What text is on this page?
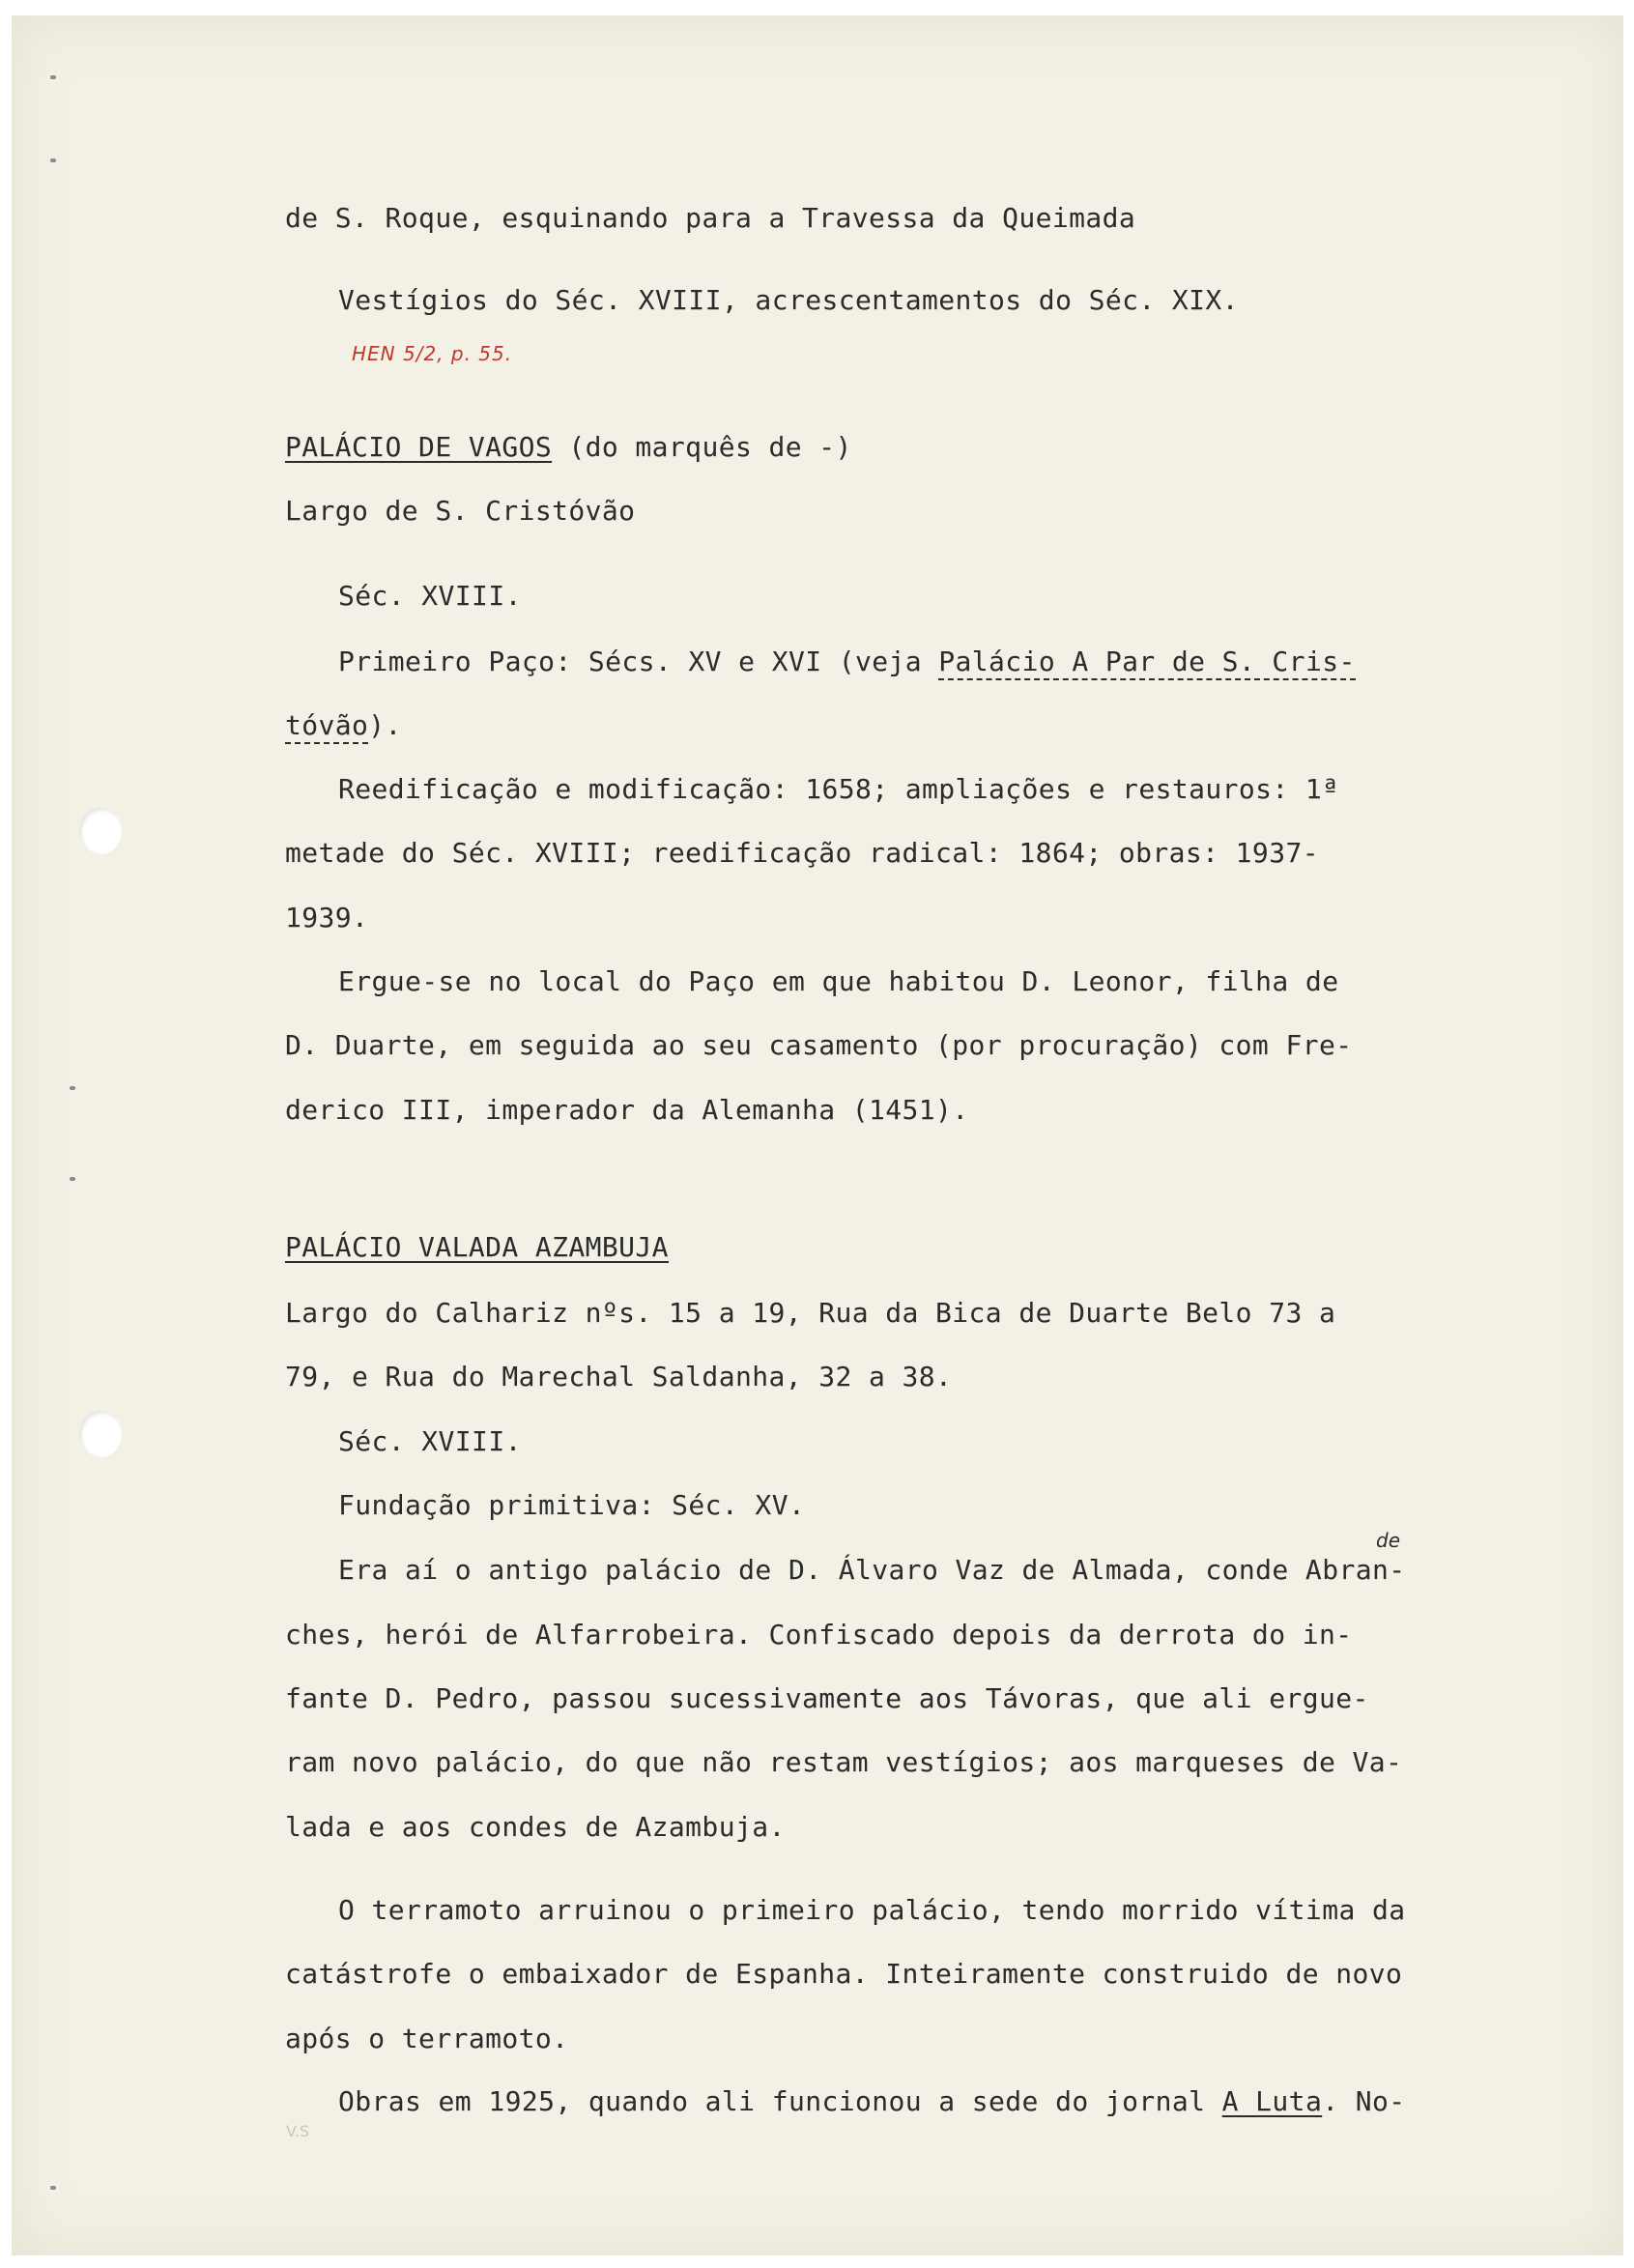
de S. Roque, esquinando para a Travessa da Queimada
Vestígios do Séc. XVIII, acrescentamentos do Séc. XIX.
HEN 5/2, p. 55.
PALÁCIO DE VAGOS (do marquês de -)
Largo de S. Cristóvão
Séc. XVIII.
Primeiro Paço: Sécs. XV e XVI (veja Palácio A Par de S. Cris-
tóvão).
Reedificação e modificação: 1658; ampliações e restauros: 1ª
metade do Séc. XVIII; reedificação radical: 1864; obras: 1937-
1939.
Ergue-se no local do Paço em que habitou D. Leonor, filha de
D. Duarte, em seguida ao seu casamento (por procuração) com Fre-
derico III, imperador da Alemanha (1451).
PALÁCIO VALADA AZAMBUJA
Largo do Calhariz nºs. 15 a 19, Rua da Bica de Duarte Belo 73 a
79, e Rua do Marechal Saldanha, 32 a 38.
Séc. XVIII.
Fundação primitiva: Séc. XV.
de
Era aí o antigo palácio de D. Álvaro Vaz de Almada, conde Abran-
ches, herói de Alfarrobeira. Confiscado depois da derrota do in-
fante D. Pedro, passou sucessivamente aos Távoras, que ali ergue-
ram novo palácio, do que não restam vestígios; aos marqueses de Va-
lada e aos condes de Azambuja.
O terramoto arruinou o primeiro palácio, tendo morrido vítima da
catástrofe o embaixador de Espanha. Inteiramente construido de novo
após o terramoto.
Obras em 1925, quando ali funcionou a sede do jornal A Luta. No-
V.S
